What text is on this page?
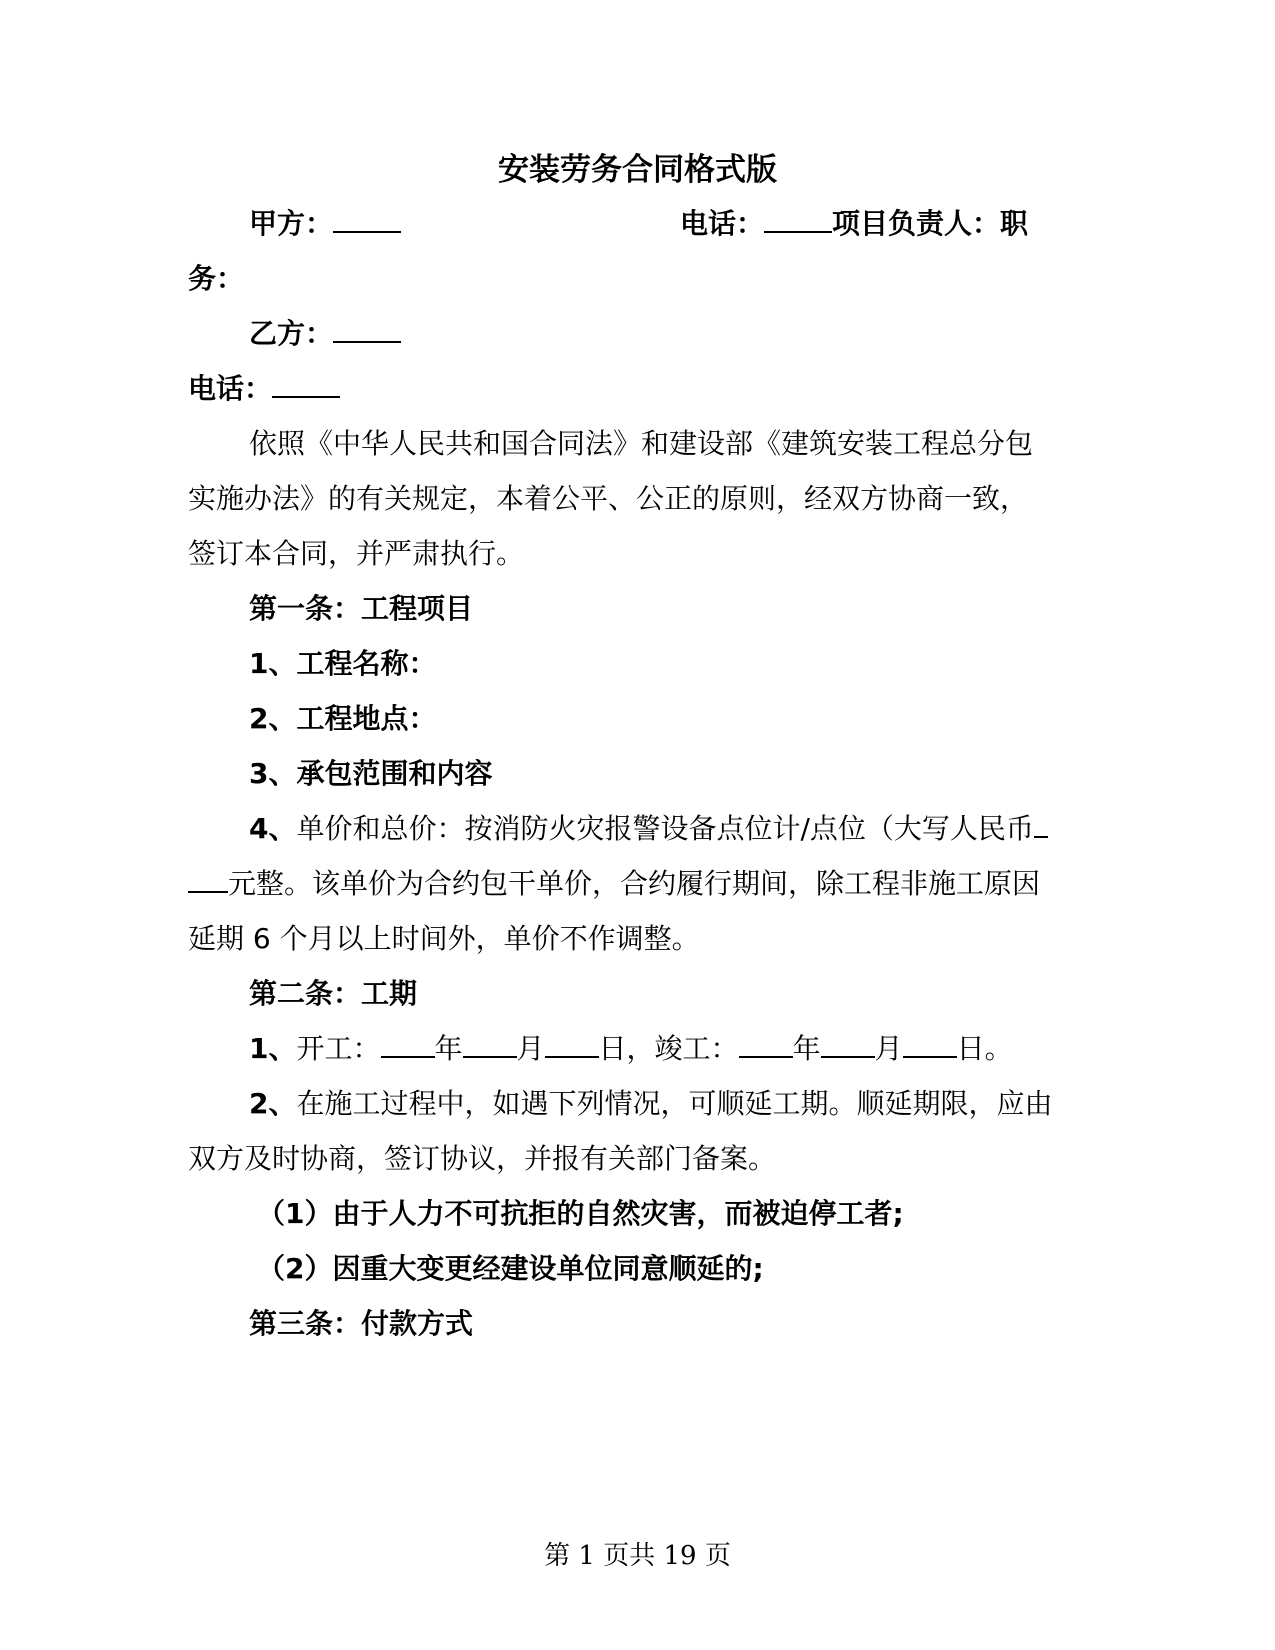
安装劳务合同格式版
甲方：	电话： 项目负责人：职
务：
乙方：
电话：
依照《中华人民共和国合同法》和建设部《建筑安装工程总分包
实施办法》的有关规定，本着公平、公正的原则，经双方协商一致，
签订本合同，并严肃执行。
第一条：工程项目
1、工程名称：
2、工程地点：
3、承包范围和内容
4、单价和总价：按消防火灾报警设备点位计/点位（大写人民币
元整。该单价为合约包干单价，合约履行期间，除工程非施工原因
延期 6 个月以上时间外，单价不作调整。
第二条：工期
1、开工： 年 月 日，竣工： 年 月 日。
2、在施工过程中，如遇下列情况，可顺延工期。顺延期限，应由
双方及时协商，签订协议，并报有关部门备案。
（1）由于人力不可抗拒的自然灾害，而被迫停工者;
（2）因重大变更经建设单位同意顺延的;
第三条：付款方式
第 1 页共 19 页
